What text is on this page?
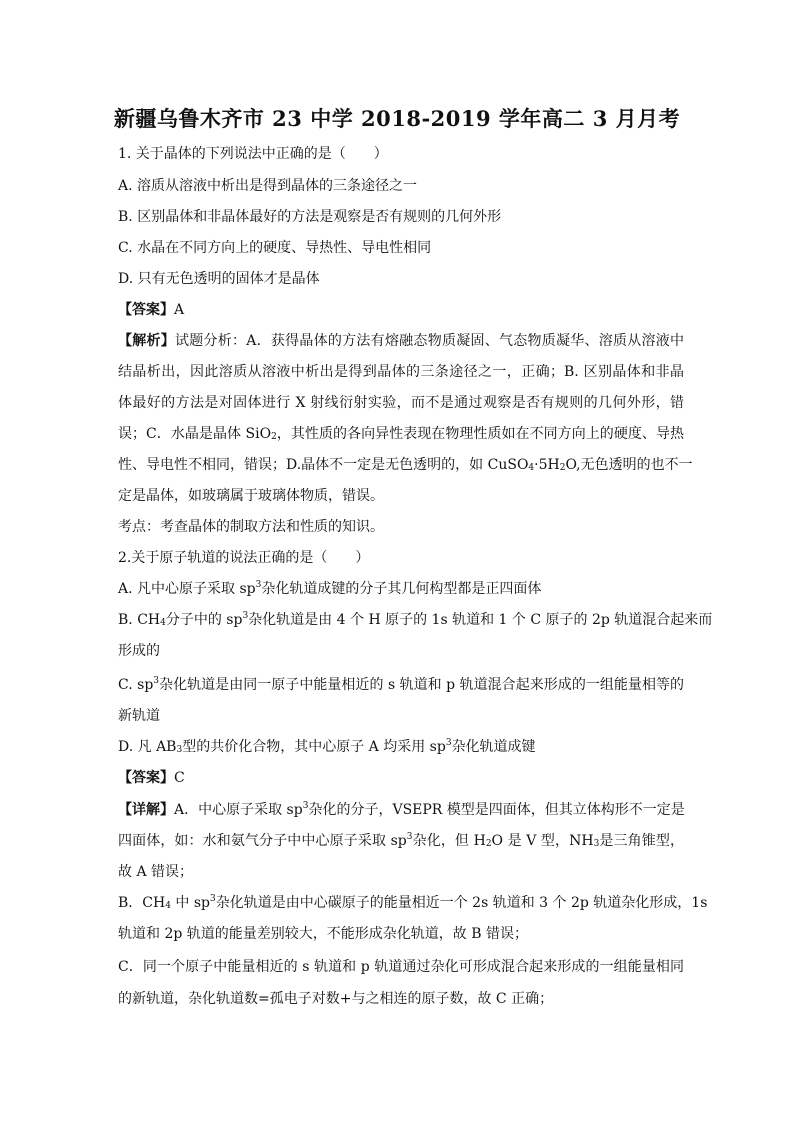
新疆乌鲁木齐市 23 中学 2018-2019 学年高二 3 月月考
1. 关于晶体的下列说法中正确的是（　　）
A. 溶质从溶液中析出是得到晶体的三条途径之一
B. 区别晶体和非晶体最好的方法是观察是否有规则的几何外形
C. 水晶在不同方向上的硬度、导热性、导电性相同
D. 只有无色透明的固体才是晶体
【答案】A
【解析】试题分析：A．获得晶体的方法有熔融态物质凝固、气态物质凝华、溶质从溶液中
结晶析出，因此溶质从溶液中析出是得到晶体的三条途径之一，正确；B. 区别晶体和非晶
体最好的方法是对固体进行 X 射线衍射实验，而不是通过观察是否有规则的几何外形，错
误；C．水晶是晶体 SiO$_2$，其性质的各向异性表现在物理性质如在不同方向上的硬度、导热
性、导电性不相同，错误；D.晶体不一定是无色透明的，如 $CuSO_4\cdot 5H_2O$,无色透明的也不一
定是晶体，如玻璃属于玻璃体物质，错误。
考点：考查晶体的制取方法和性质的知识。
2.关于原子轨道的说法正确的是（　　）
A. 凡中心原子采取 $sp^3$杂化轨道成键的分子其几何构型都是正四面体
B. $CH_4$分子中的 $sp^3$杂化轨道是由 4 个 H 原子的 1s 轨道和 1 个 C 原子的 2p 轨道混合起来而
形成的
C. $sp^3$杂化轨道是由同一原子中能量相近的 s 轨道和 p 轨道混合起来形成的一组能量相等的
新轨道
D. 凡 $AB_3$型的共价化合物，其中心原子 A 均采用 $sp^3$杂化轨道成键
【答案】C
【详解】A．中心原子采取 $sp^3$杂化的分子，VSEPR 模型是四面体，但其立体构形不一定是
四面体，如：水和氨气分子中中心原子采取 $sp^3$杂化，但 $H_2O$ 是 V 型，$NH_3$是三角锥型，
故 A 错误；
B．$CH_4$ 中 $sp^3$杂化轨道是由中心碳原子的能量相近一个 2s 轨道和 3 个 2p 轨道杂化形成，1s
轨道和 2p 轨道的能量差别较大，不能形成杂化轨道，故 B 错误；
C．同一个原子中能量相近的 s 轨道和 p 轨道通过杂化可形成混合起来形成的一组能量相同
的新轨道，杂化轨道数=孤电子对数+与之相连的原子数，故 C 正确；
